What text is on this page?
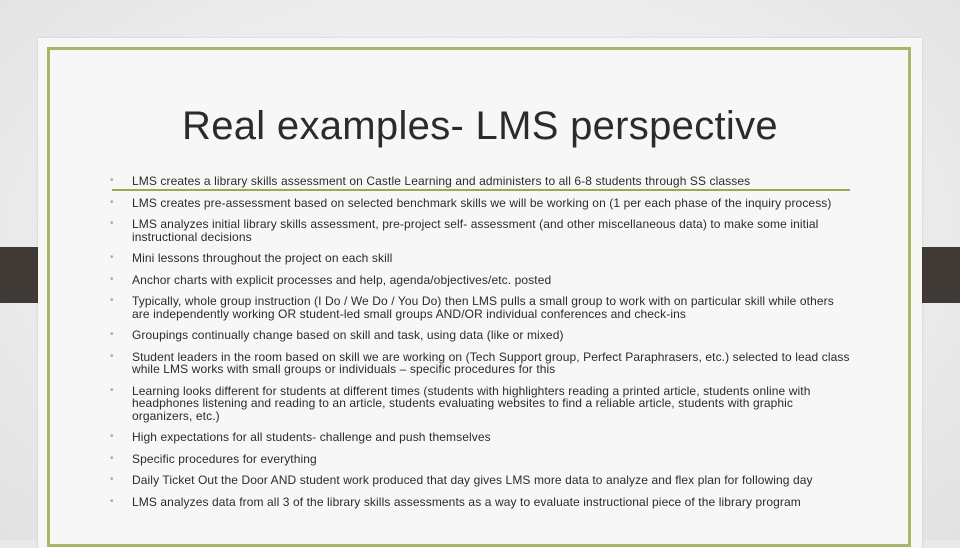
Real examples- LMS perspective
• LMS creates a library skills assessment on Castle Learning and administers to all 6-8 students through SS classes
• LMS creates pre-assessment based on selected benchmark skills we will be working on (1 per each phase of the inquiry process)
• LMS analyzes initial library skills assessment, pre-project self- assessment (and other miscellaneous data) to make some initial instructional decisions
• Mini lessons throughout the project on each skill
• Anchor charts with explicit processes and help, agenda/objectives/etc. posted
• Typically, whole group instruction (I Do / We Do / You Do) then LMS pulls a small group to work with on particular skill while others are independently working OR student-led small groups AND/OR individual conferences and check-ins
• Groupings continually change based on skill and task, using data (like or mixed)
• Student leaders in the room based on skill we are working on (Tech Support group, Perfect Paraphrasers, etc.) selected to lead class while LMS works with small groups or individuals – specific procedures for this
• Learning looks different for students at different times (students with highlighters reading a printed article, students online with headphones listening and reading to an article, students evaluating websites to find a reliable article, students with graphic organizers, etc.)
• High expectations for all students- challenge and push themselves
• Specific procedures for everything
• Daily Ticket Out the Door AND student work produced that day gives LMS more data to analyze and flex plan for following day
• LMS analyzes data from all 3 of the library skills assessments as a way to evaluate instructional piece of the library program
